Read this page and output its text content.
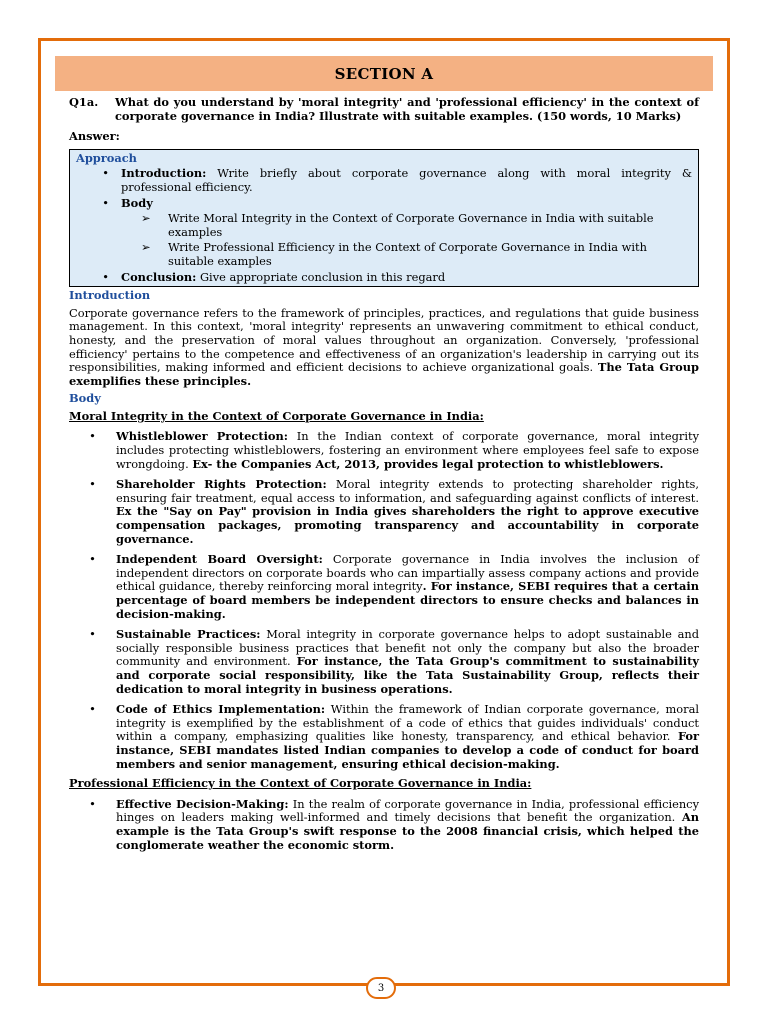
SECTION A
Q1a.	What do you understand by 'moral integrity' and 'professional efficiency' in the context of corporate governance in India? Illustrate with suitable examples. (150 words, 10 Marks)
Answer:
Approach
•	Introduction: Write briefly about corporate governance along with moral integrity & professional efficiency.
•	Body
➢	Write Moral Integrity in the Context of Corporate Governance in India with suitable examples
➢	Write Professional Efficiency in the Context of Corporate Governance in India with suitable examples
•	Conclusion: Give appropriate conclusion in this regard
Introduction
Corporate governance refers to the framework of principles, practices, and regulations that guide business management. In this context, 'moral integrity' represents an unwavering commitment to ethical conduct, honesty, and the preservation of moral values throughout an organization. Conversely, 'professional efficiency' pertains to the competence and effectiveness of an organization's leadership in carrying out its responsibilities, making informed and efficient decisions to achieve organizational goals. The Tata Group exemplifies these principles.
Body
Moral Integrity in the Context of Corporate Governance in India:
•	Whistleblower Protection: In the Indian context of corporate governance, moral integrity includes protecting whistleblowers, fostering an environment where employees feel safe to expose wrongdoing. Ex- the Companies Act, 2013, provides legal protection to whistleblowers.
•	Shareholder Rights Protection: Moral integrity extends to protecting shareholder rights, ensuring fair treatment, equal access to information, and safeguarding against conflicts of interest. Ex the "Say on Pay" provision in India gives shareholders the right to approve executive compensation packages, promoting transparency and accountability in corporate governance.
•	Independent Board Oversight: Corporate governance in India involves the inclusion of independent directors on corporate boards who can impartially assess company actions and provide ethical guidance, thereby reinforcing moral integrity. For instance, SEBI requires that a certain percentage of board members be independent directors to ensure checks and balances in decision-making.
•	Sustainable Practices: Moral integrity in corporate governance helps to adopt sustainable and socially responsible business practices that benefit not only the company but also the broader community and environment. For instance, the Tata Group's commitment to sustainability and corporate social responsibility, like the Tata Sustainability Group, reflects their dedication to moral integrity in business operations.
•	Code of Ethics Implementation: Within the framework of Indian corporate governance, moral integrity is exemplified by the establishment of a code of ethics that guides individuals' conduct within a company, emphasizing qualities like honesty, transparency, and ethical behavior. For instance, SEBI mandates listed Indian companies to develop a code of conduct for board members and senior management, ensuring ethical decision-making.
Professional Efficiency in the Context of Corporate Governance in India:
•	Effective Decision-Making: In the realm of corporate governance in India, professional efficiency hinges on leaders making well-informed and timely decisions that benefit the organization. An example is the Tata Group's swift response to the 2008 financial crisis, which helped the conglomerate weather the economic storm.
3
